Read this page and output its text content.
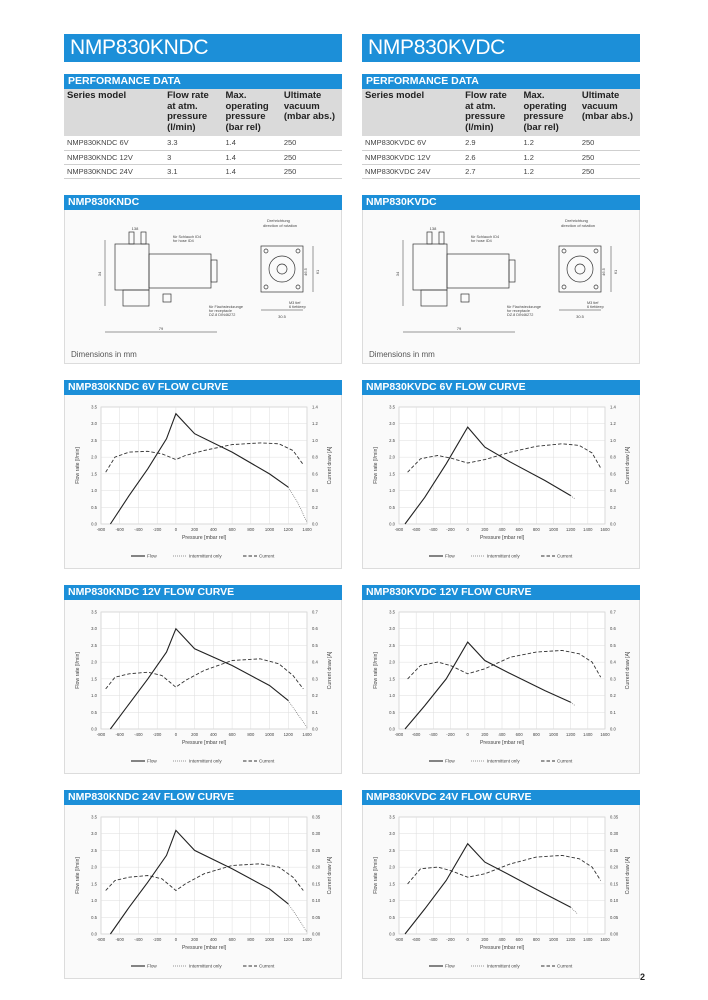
NMP830KNDC
PERFORMANCE DATA
Series model	Flow rate at atm. pressure (l/min)	Max. operating pressure (bar rel)	Ultimate vacuum (mbar abs.)
NMP830KNDC 6V	3.3	1.4	250
NMP830KNDC 12V	3	1.4	250
NMP830KNDC 24V	3.1	1.4	250
NMP830KNDC
Drehrichtung
direction of rotation
für Schlauch ID4
for hose ID4
für Flachsteckzunge
for receptacle
DZ.8 DIN46272
M3 tief
6 tiefdeep
138
79
30.5
46.5 61
34
Dimensions in mm
NMP830KNDC 6V FLOW CURVE
-800 -600 -400 -200	0	200	400	600	800	1000 1200 1400
0.0
0.5
1.0
1.5
2.0
2.5
3.0
3.5
0.0
0.2
0.4
0.6
0.8
1.0
1.2
1.4
Pressure [mbar rel]
Flow rate [l/min]	Current draw [A]
Flow	Intermittent only	Current
NMP830KNDC 12V FLOW CURVE
-800 -600 -400 -200	0	200	400	600	800	1000 1200 1400
0.0
0.5
1.0
1.5
2.0
2.5
3.0
3.5
0.0
0.1
0.2
0.3
0.4
0.5
0.6
0.7
Pressure [mbar rel]
Flow rate [l/min]	Current draw [A]
Flow	Intermittent only	Current
NMP830KNDC 24V FLOW CURVE
-800 -600 -400 -200	0	200	400	600	800	1000 1200 1400
0.0
0.5
1.0
1.5
2.0
2.5
3.0
3.5
0.00
0.05
0.10
0.15
0.20
0.25
0.30
0.35
Pressure [mbar rel]
Flow rate [l/min]	Current draw [A]
Flow	Intermittent only	Current
NMP830KVDC
PERFORMANCE DATA
Series model	Flow rate at atm. pressure (l/min)	Max. operating pressure (bar rel)	Ultimate vacuum (mbar abs.)
NMP830KVDC 6V	2.9	1.2	250
NMP830KVDC 12V	2.6	1.2	250
NMP830KVDC 24V	2.7	1.2	250
NMP830KVDC
Drehrichtung
direction of rotation
für Schlauch ID4
for hose ID4
für Flachsteckzunge
for receptacle
DZ.8 DIN46272
M3 tief
6 tiefdeep
138
79
30.5
46.5 61
34
Dimensions in mm
NMP830KVDC 6V FLOW CURVE
-800 -600 -400 -200	0	200 400 600 800 1000 1200 1400 1600
0.0
0.5
1.0
1.5
2.0
2.5
3.0
3.5
0.0
0.2
0.4
0.6
0.8
1.0
1.2
1.4
Pressure [mbar rel]
Flow rate [l/min]	Current draw [A]
Flow	Intermittent only	Current
NMP830KVDC 12V FLOW CURVE
-800 -600 -400 -200	0	200 400 600 800 1000 1200 1400 1600
0.0
0.5
1.0
1.5
2.0
2.5
3.0
3.5
0.0
0.1
0.2
0.3
0.4
0.5
0.6
0.7
Pressure [mbar rel]
Flow rate [l/min]	Current draw [A]
Flow	Intermittent only	Current
NMP830KVDC 24V FLOW CURVE
-800 -600 -400 -200	0	200 400 600 800 1000 1200 1400 1600
0.0
0.5
1.0
1.5
2.0
2.5
3.0
3.5
0.00
0.05
0.10
0.15
0.20
0.25
0.30
0.35
Pressure [mbar rel]
Flow rate [l/min]	Current draw [A]
Flow	Intermittent only	Current
2
